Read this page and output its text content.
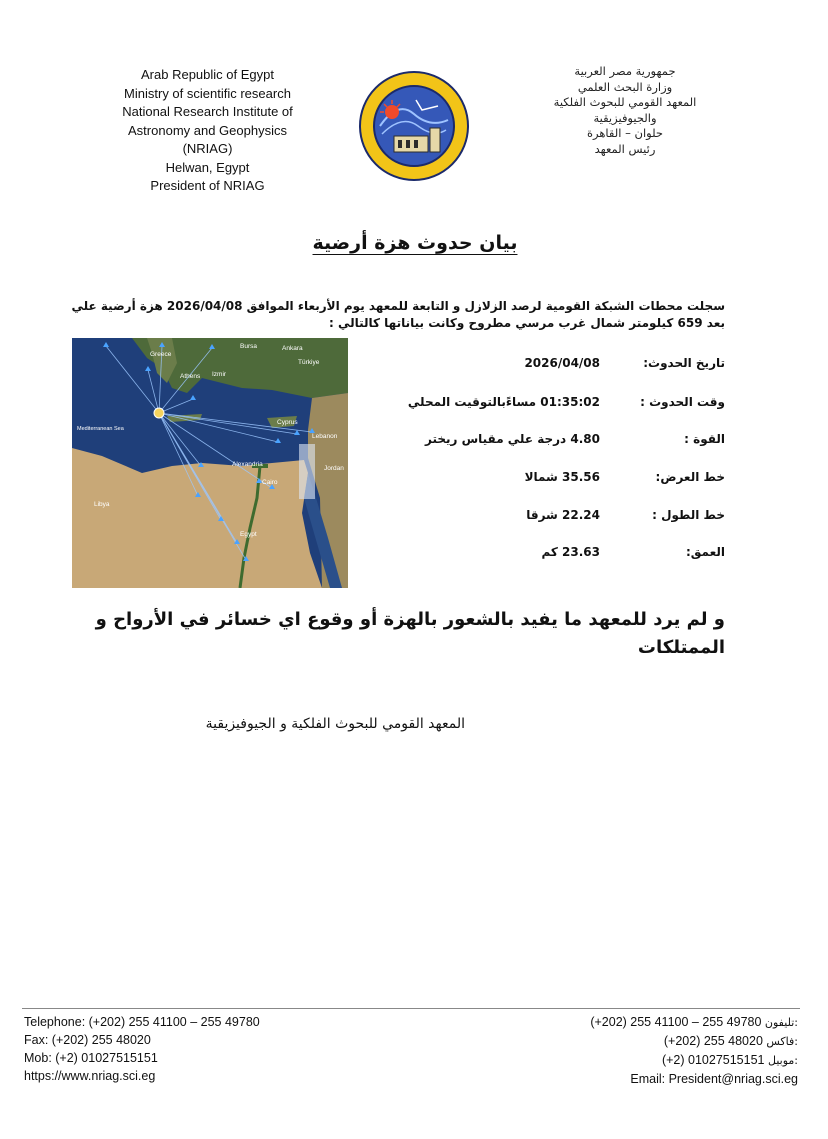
Arab Republic of Egypt
Ministry of scientific research
National Research Institute of
Astronomy and Geophysics
(NRIAG)
Helwan, Egypt
President of NRIAG
جمهورية مصر العربية
وزارة البحث العلمي
المعهد القومي للبحوث الفلكية
والجيوفيزيقية
حلوان – القاهرة
رئيس المعهد
بيان حدوث هزة أرضية
سجلت محطات الشبكة القومية لرصد الزلازل و التابعة للمعهد يوم الأربعاء الموافق 2026/04/08 هزة أرضية علي بعد 659 كيلومتر شمال غرب مرسي مطروح وكانت بياناتها كالتالي :
Bursa	Ankara
Greece
Türkiye
Athens Izmir
Cyprus
Lebanon
Mediterranean Sea
Alexandria
Jordan
Cairo
Libya
Egypt
تاريخ الحدوث:
2026/04/08
وقت الحدوث :
01:35:02 مساءًبالتوقيت المحلي
القوة :
4.80 درجة علي مقياس ريختر
خط العرض:
35.56 شمالا
خط الطول :
22.24 شرقا
العمق:
23.63 كم
و لم يرد للمعهد ما يفيد بالشعور بالهزة أو وقوع اي خسائر في الأرواح و الممتلكات
المعهد القومي للبحوث الفلكية و الجيوفيزيقية
Telephone: (+202) 255 41100 – 255 49780
Fax: (+202) 255 48020
Mob: (+2) 01027515151
https://www.nriag.sci.eg
(+202) 255 41100 – 255 49780 تليفون:
(+202) 255 48020 فاكس:
(+2) 01027515151 موبيل:
Email: President@nriag.sci.eg
